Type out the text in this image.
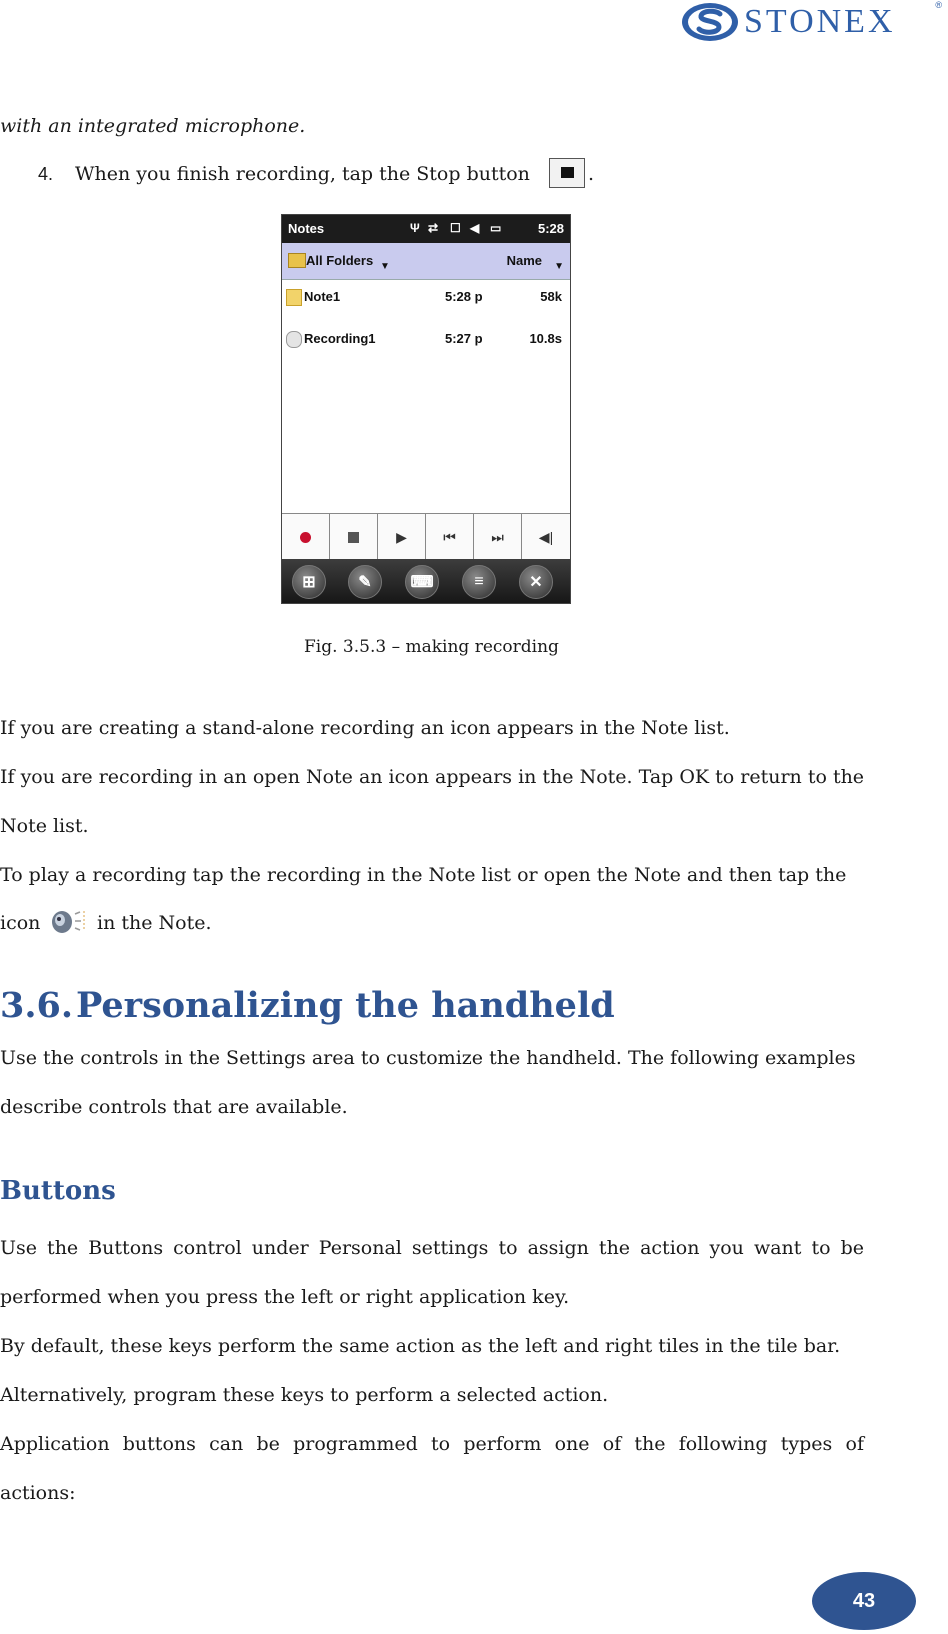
STONEX	®
with an integrated microphone.
4. When you finish recording, tap the Stop button	.
Notes	Ψ ⇄ ☐ ◀ ▭	5:28
All Folders ▼	Name ▼
Note1	5:28 p	58k
Recording1	5:27 p	10.8s
▶	⏮	⏭	◀|
⊞	✎ ⌨	≡	✕
Fig. 3.5.3 – making recording
If you are creating a stand-alone recording an icon appears in the Note list.
If you are recording in an open Note an icon appears in the Note. Tap OK to return to the
Note list.
To play a recording tap the recording in the Note list or open the Note and then tap the
icon	in the Note.
3.6.Personalizing the handheld
Use the controls in the Settings area to customize the handheld. The following examples
describe controls that are available.
Buttons
Use the Buttons control under Personal settings to assign the action you want to be
performed when you press the left or right application key.
By default, these keys perform the same action as the left and right tiles in the tile bar.
Alternatively, program these keys to perform a selected action.
Application buttons can be programmed to perform one of the following types of
actions:
43
